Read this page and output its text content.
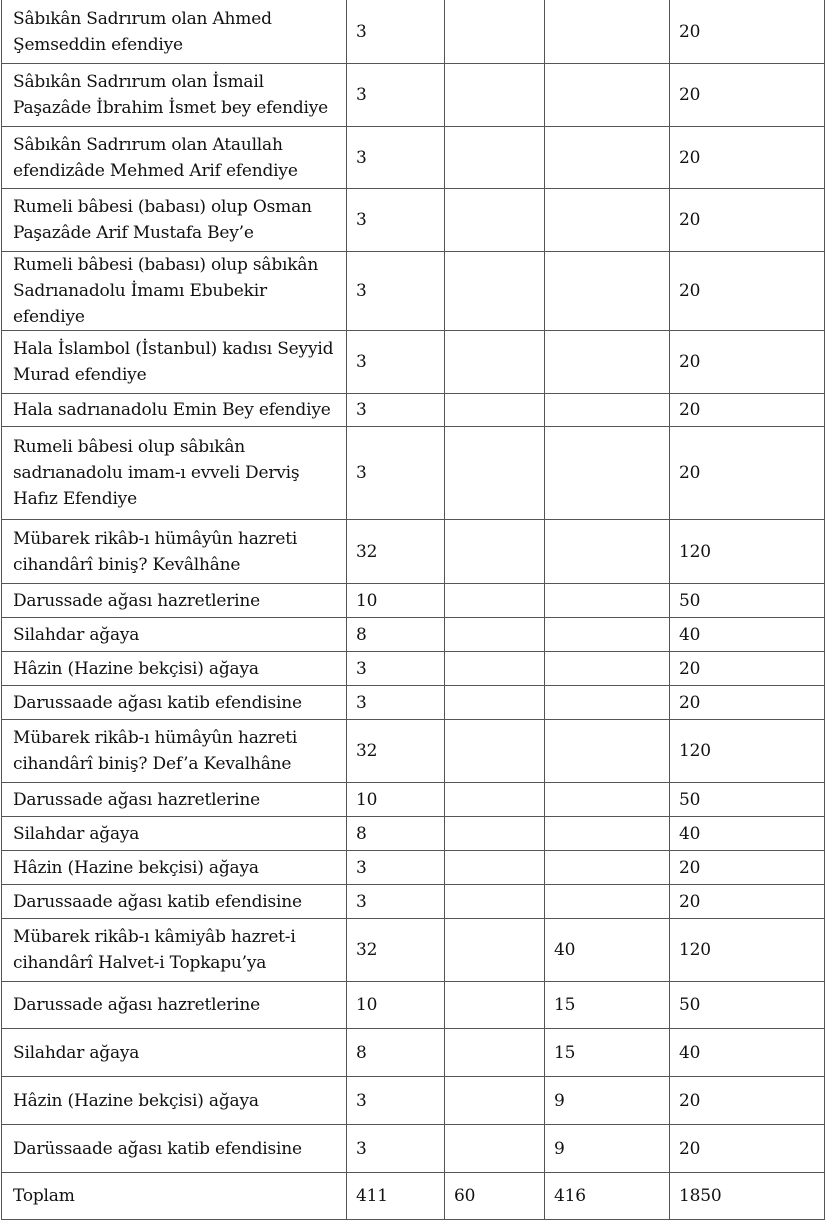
Sâbıkân Sadrırum olan Ahmed Şemseddin efendiye	3			20
Sâbıkân Sadrırum olan İsmail Paşazâde İbrahim İsmet bey efendiye	3			20
Sâbıkân Sadrırum olan Ataullah efendizâde Mehmed Arif efendiye	3			20
Rumeli bâbesi (babası) olup Osman Paşazâde Arif Mustafa Bey’e	3			20
Rumeli bâbesi (babası) olup sâbıkân Sadrıanadolu İmamı Ebubekir efendiye	3			20
Hala İslambol (İstanbul) kadısı Seyyid Murad efendiye	3			20
Hala sadrıanadolu Emin Bey efendiye	3			20
Rumeli bâbesi olup sâbıkân sadrıanadolu imam-ı evveli Derviş Hafız Efendiye	3			20
Mübarek rikâb-ı hümâyûn hazreti cihandârî biniş? Kevâlhâne	32			120
Darussade ağası hazretlerine	10			50
Silahdar ağaya	8			40
Hâzin (Hazine bekçisi) ağaya	3			20
Darussaade ağası katib efendisine	3			20
Mübarek rikâb-ı hümâyûn hazreti cihandârî biniş? Def’a Kevalhâne	32			120
Darussade ağası hazretlerine	10			50
Silahdar ağaya	8			40
Hâzin (Hazine bekçisi) ağaya	3			20
Darussaade ağası katib efendisine	3			20
Mübarek rikâb-ı kâmiyâb hazret-i cihandârî Halvet-i Topkapu’ya	32		40	120
Darussade ağası hazretlerine	10		15	50
Silahdar ağaya	8		15	40
Hâzin (Hazine bekçisi) ağaya	3		9	20
Darüssaade ağası katib efendisine	3		9	20
Toplam	411	60	416	1850
